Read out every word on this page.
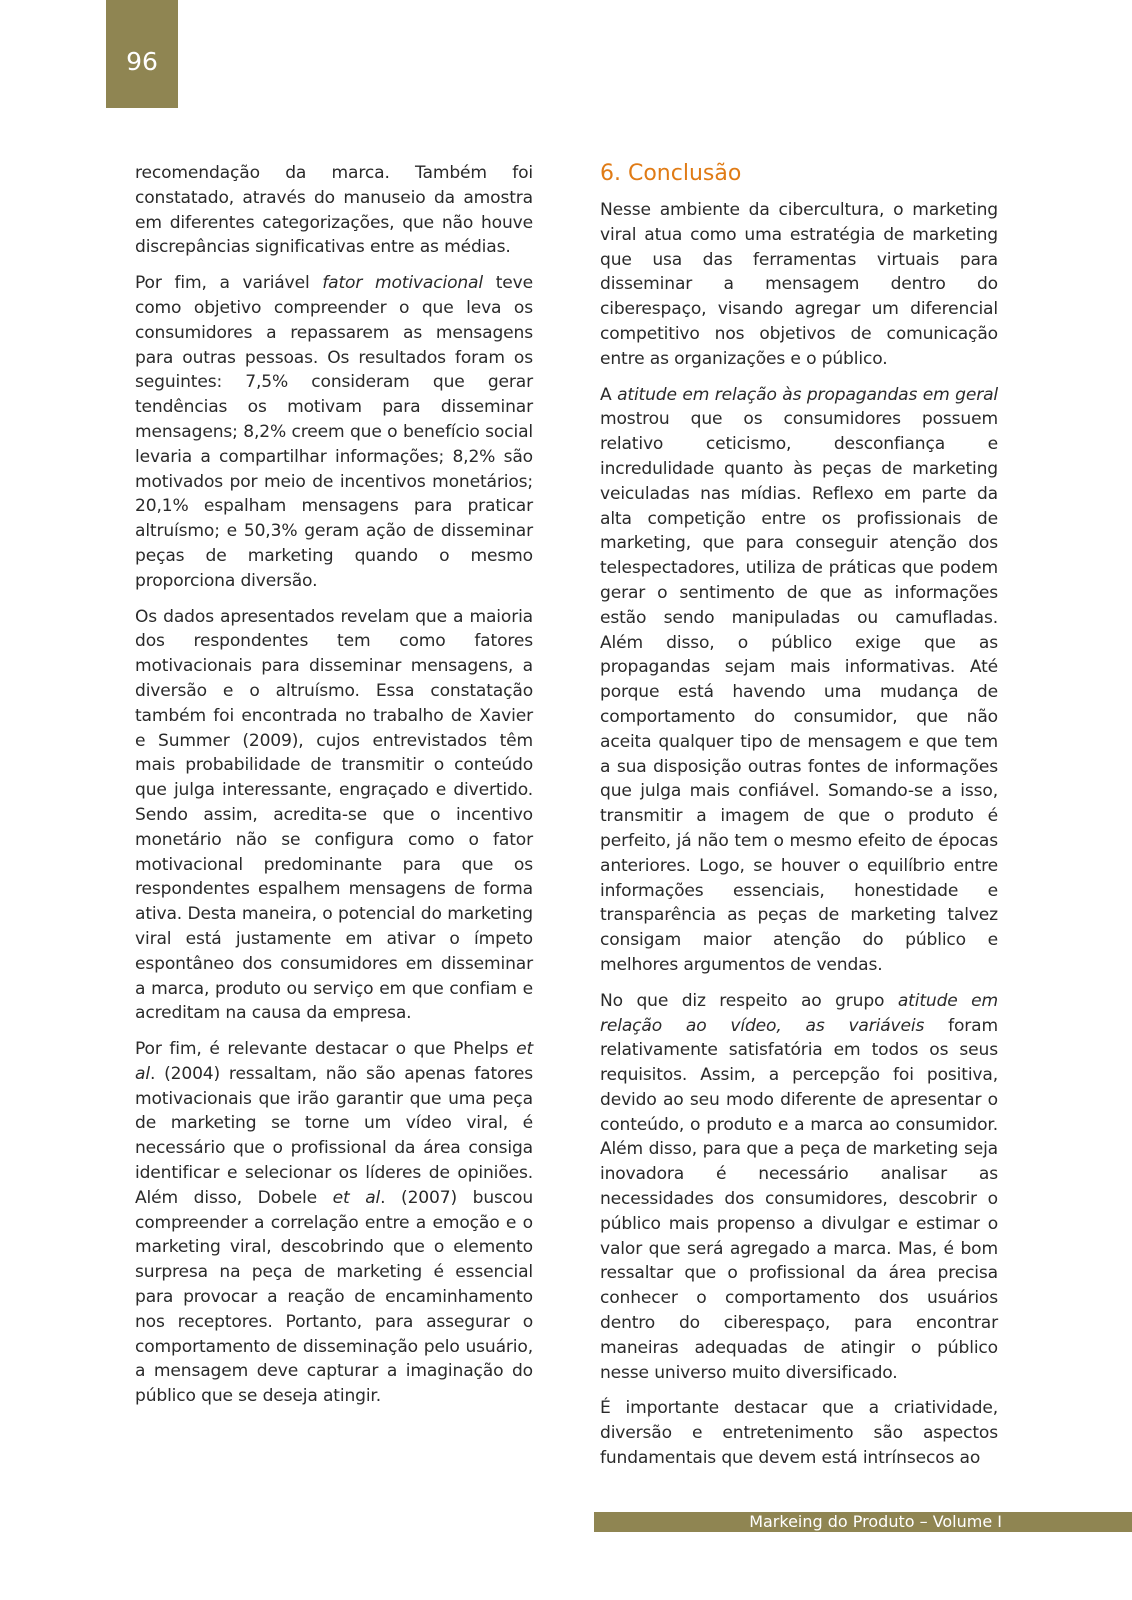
96

recomendação da marca. Também foi constatado, através do manuseio da amostra em diferentes categorizações, que não houve discrepâncias significativas entre as médias.

Por fim, a variável fator motivacional teve como objetivo compreender o que leva os consumidores a repassarem as mensagens para outras pessoas. Os resultados foram os seguintes: 7,5% consideram que gerar tendências os motivam para disseminar mensagens; 8,2% creem que o benefício social levaria a compartilhar informações; 8,2% são motivados por meio de incentivos monetários; 20,1% espalham mensagens para praticar altruísmo; e 50,3% geram ação de disseminar peças de marketing quando o mesmo proporciona diversão.

Os dados apresentados revelam que a maioria dos respondentes tem como fatores motivacionais para disseminar mensagens, a diversão e o altruísmo. Essa constatação também foi encontrada no trabalho de Xavier e Summer (2009), cujos entrevistados têm mais probabilidade de transmitir o conteúdo que julga interessante, engraçado e divertido. Sendo assim, acredita-se que o incentivo monetário não se configura como o fator motivacional predominante para que os respondentes espalhem mensagens de forma ativa. Desta maneira, o potencial do marketing viral está justamente em ativar o ímpeto espontâneo dos consumidores em disseminar a marca, produto ou serviço em que confiam e acreditam na causa da empresa.

Por fim, é relevante destacar o que Phelps et al. (2004) ressaltam, não são apenas fatores motivacionais que irão garantir que uma peça de marketing se torne um vídeo viral, é necessário que o profissional da área consiga identificar e selecionar os líderes de opiniões. Além disso, Dobele et al. (2007) buscou compreender a correlação entre a emoção e o marketing viral, descobrindo que o elemento surpresa na peça de marketing é essencial para provocar a reação de encaminhamento nos receptores. Portanto, para assegurar o comportamento de disseminação pelo usuário, a mensagem deve capturar a imaginação do público que se deseja atingir.

6. Conclusão

Nesse ambiente da cibercultura, o marketing viral atua como uma estratégia de marketing que usa das ferramentas virtuais para disseminar a mensagem dentro do ciberespaço, visando agregar um diferencial competitivo nos objetivos de comunicação entre as organizações e o público.

A atitude em relação às propagandas em geral mostrou que os consumidores possuem relativo ceticismo, desconfiança e incredulidade quanto às peças de marketing veiculadas nas mídias. Reflexo em parte da alta competição entre os profissionais de marketing, que para conseguir atenção dos telespectadores, utiliza de práticas que podem gerar o sentimento de que as informações estão sendo manipuladas ou camufladas. Além disso, o público exige que as propagandas sejam mais informativas. Até porque está havendo uma mudança de comportamento do consumidor, que não aceita qualquer tipo de mensagem e que tem a sua disposição outras fontes de informações que julga mais confiável. Somando-se a isso, transmitir a imagem de que o produto é perfeito, já não tem o mesmo efeito de épocas anteriores. Logo, se houver o equilíbrio entre informações essenciais, honestidade e transparência as peças de marketing talvez consigam maior atenção do público e melhores argumentos de vendas.

No que diz respeito ao grupo atitude em relação ao vídeo, as variáveis foram relativamente satisfatória em todos os seus requisitos. Assim, a percepção foi positiva, devido ao seu modo diferente de apresentar o conteúdo, o produto e a marca ao consumidor. Além disso, para que a peça de marketing seja inovadora é necessário analisar as necessidades dos consumidores, descobrir o público mais propenso a divulgar e estimar o valor que será agregado a marca. Mas, é bom ressaltar que o profissional da área precisa conhecer o comportamento dos usuários dentro do ciberespaço, para encontrar maneiras adequadas de atingir o público nesse universo muito diversificado.

É importante destacar que a criatividade, diversão e entretenimento são aspectos fundamentais que devem está intrínsecos ao

Markeing do Produto – Volume I
